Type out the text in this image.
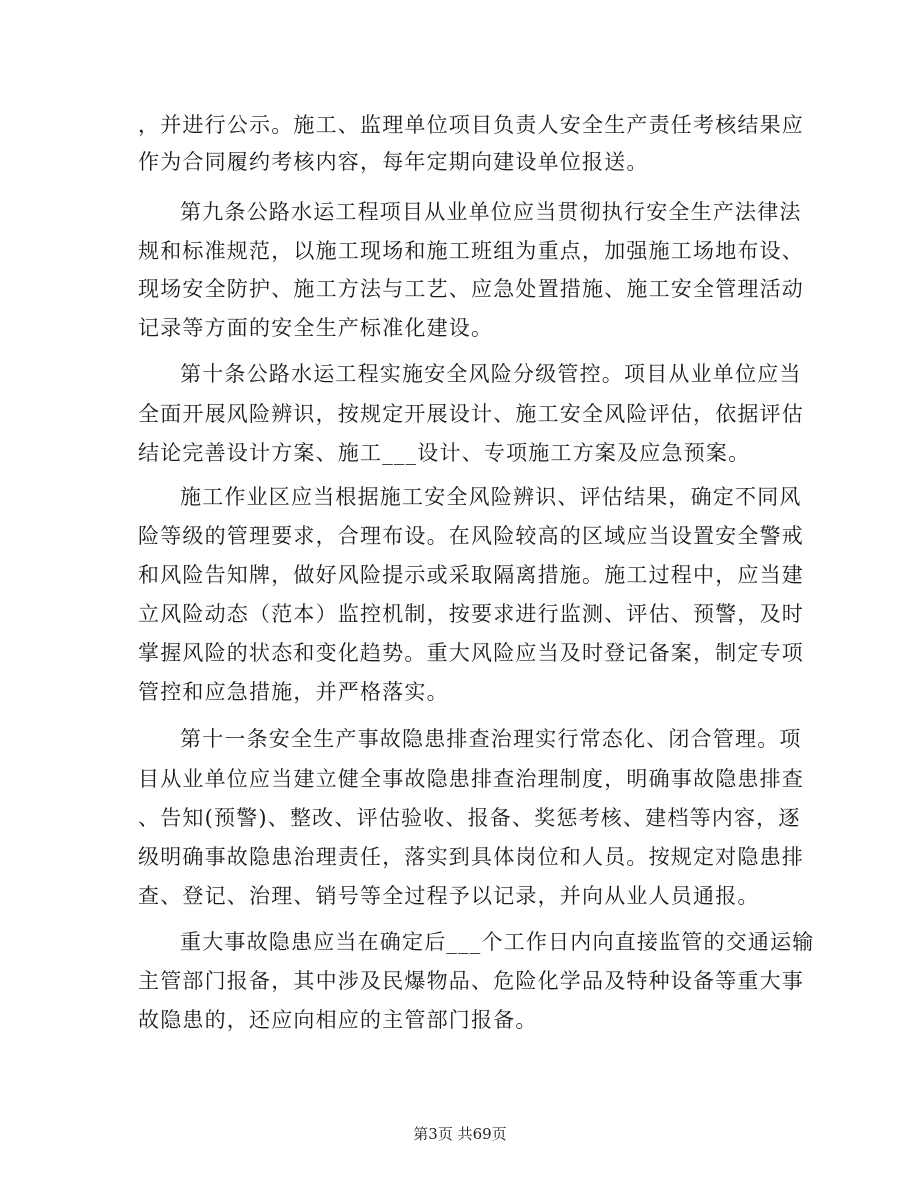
，并进行公示。施工、监理单位项目负责人安全生产责任考核结果应
作为合同履约考核内容，每年定期向建设单位报送。
第九条公路水运工程项目从业单位应当贯彻执行安全生产法律法
规和标准规范，以施工现场和施工班组为重点，加强施工场地布设、
现场安全防护、施工方法与工艺、应急处置措施、施工安全管理活动
记录等方面的安全生产标准化建设。
第十条公路水运工程实施安全风险分级管控。项目从业单位应当
全面开展风险辨识，按规定开展设计、施工安全风险评估，依据评估
结论完善设计方案、施工___设计、专项施工方案及应急预案。
施工作业区应当根据施工安全风险辨识、评估结果，确定不同风
险等级的管理要求，合理布设。在风险较高的区域应当设置安全警戒
和风险告知牌，做好风险提示或采取隔离措施。施工过程中，应当建
立风险动态（范本）监控机制，按要求进行监测、评估、预警，及时
掌握风险的状态和变化趋势。重大风险应当及时登记备案，制定专项
管控和应急措施，并严格落实。
第十一条安全生产事故隐患排查治理实行常态化、闭合管理。项
目从业单位应当建立健全事故隐患排查治理制度，明确事故隐患排查
、告知(预警)、整改、评估验收、报备、奖惩考核、建档等内容，逐
级明确事故隐患治理责任，落实到具体岗位和人员。按规定对隐患排
查、登记、治理、销号等全过程予以记录，并向从业人员通报。
重大事故隐患应当在确定后___个工作日内向直接监管的交通运输
主管部门报备，其中涉及民爆物品、危险化学品及特种设备等重大事
故隐患的，还应向相应的主管部门报备。
第3页 共69页
